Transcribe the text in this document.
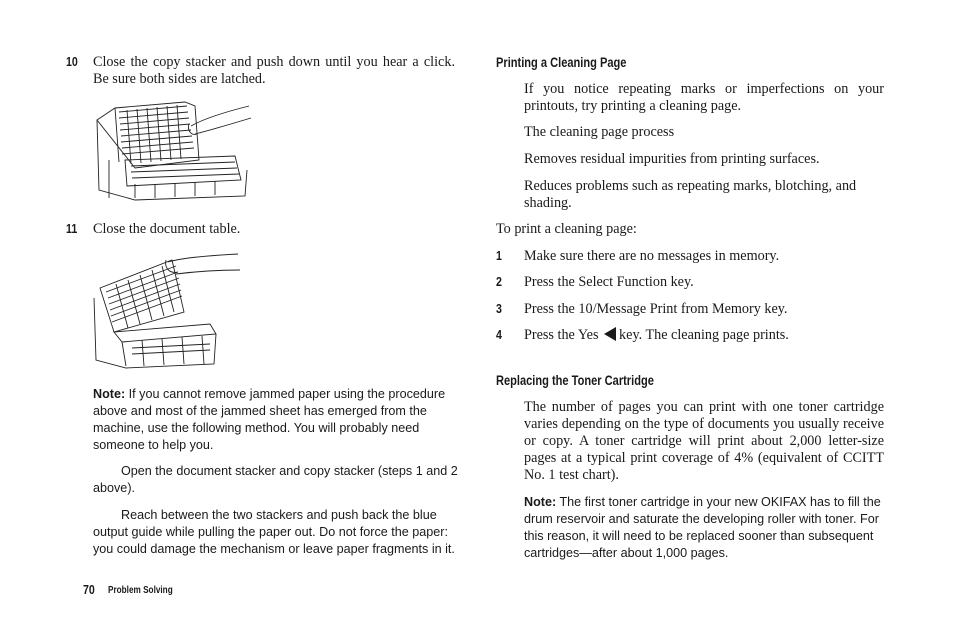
10 Close the copy stacker and push down until you hear a click. Be sure both sides are latched.

11 Close the document table.

Note: If you cannot remove jammed paper using the procedure above and most of the jammed sheet has emerged from the machine, use the following method. You will probably need someone to help you.

Open the document stacker and copy stacker (steps 1 and 2 above).

Reach between the two stackers and push back the blue output guide while pulling the paper out. Do not force the paper: you could damage the mechanism or leave paper fragments in it.

70 Problem Solving
Printing a Cleaning Page

If you notice repeating marks or imperfections on your printouts, try printing a cleaning page.

The cleaning page process

Removes residual impurities from printing surfaces.

Reduces problems such as repeating marks, blotching, and shading.

To print a cleaning page:

1 Make sure there are no messages in memory.

2 Press the Select Function key.

3 Press the 10/Message Print from Memory key.

4 Press the Yes key. The cleaning page prints.

Replacing the Toner Cartridge

The number of pages you can print with one toner cartridge varies depending on the type of documents you usually receive or copy. A toner cartridge will print about 2,000 letter-size pages at a typical print coverage of 4% (equivalent of CCITT No. 1 test chart).

Note: The first toner cartridge in your new OKIFAX has to fill the drum reservoir and saturate the developing roller with toner. For this reason, it will need to be replaced sooner than subsequent cartridges—after about 1,000 pages.
